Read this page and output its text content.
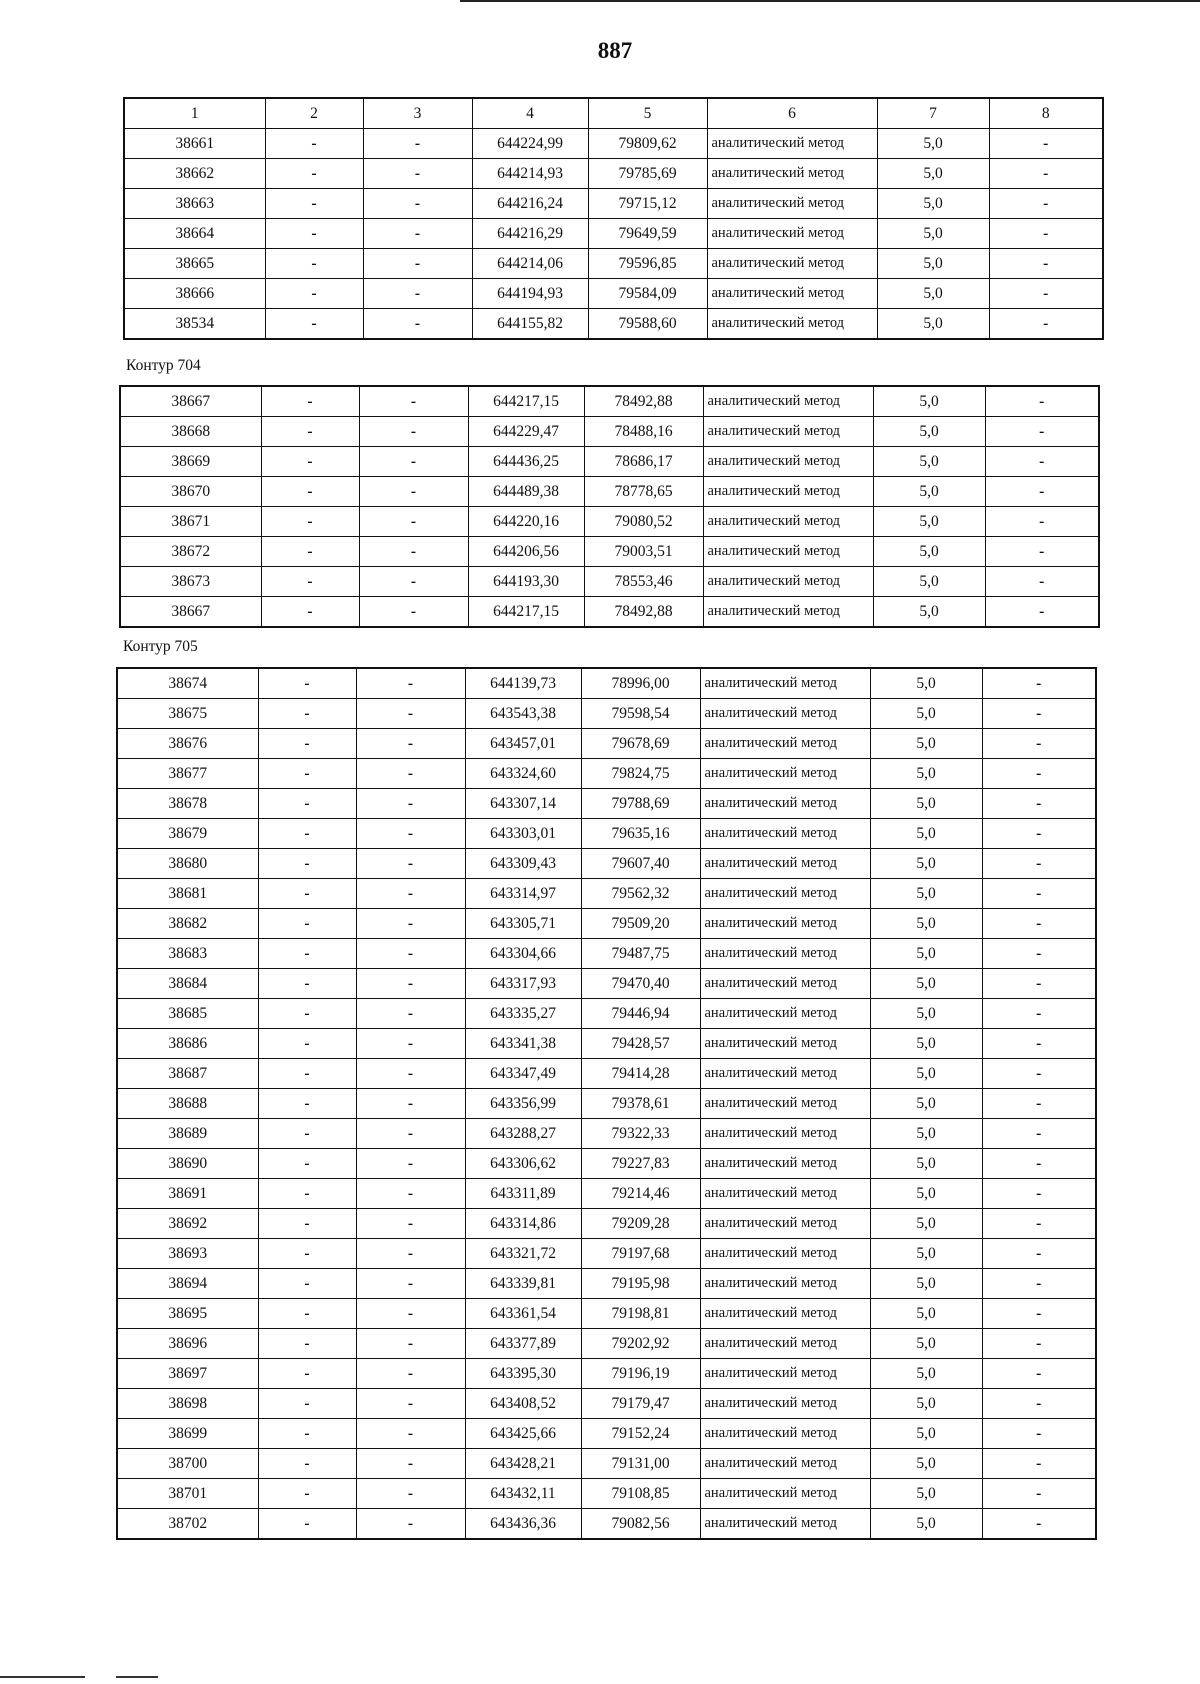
887
1	2	3	4	5	6	7	8
38661	-	-	644224,99	79809,62	аналитический метод	5,0	-
38662	-	-	644214,93	79785,69	аналитический метод	5,0	-
38663	-	-	644216,24	79715,12	аналитический метод	5,0	-
38664	-	-	644216,29	79649,59	аналитический метод	5,0	-
38665	-	-	644214,06	79596,85	аналитический метод	5,0	-
38666	-	-	644194,93	79584,09	аналитический метод	5,0	-
38534	-	-	644155,82	79588,60	аналитический метод	5,0	-
Контур 704
38667	-	-	644217,15	78492,88	аналитический метод	5,0	-
38668	-	-	644229,47	78488,16	аналитический метод	5,0	-
38669	-	-	644436,25	78686,17	аналитический метод	5,0	-
38670	-	-	644489,38	78778,65	аналитический метод	5,0	-
38671	-	-	644220,16	79080,52	аналитический метод	5,0	-
38672	-	-	644206,56	79003,51	аналитический метод	5,0	-
38673	-	-	644193,30	78553,46	аналитический метод	5,0	-
38667	-	-	644217,15	78492,88	аналитический метод	5,0	-
Контур 705
38674	-	-	644139,73	78996,00	аналитический метод	5,0	-
38675	-	-	643543,38	79598,54	аналитический метод	5,0	-
38676	-	-	643457,01	79678,69	аналитический метод	5,0	-
38677	-	-	643324,60	79824,75	аналитический метод	5,0	-
38678	-	-	643307,14	79788,69	аналитический метод	5,0	-
38679	-	-	643303,01	79635,16	аналитический метод	5,0	-
38680	-	-	643309,43	79607,40	аналитический метод	5,0	-
38681	-	-	643314,97	79562,32	аналитический метод	5,0	-
38682	-	-	643305,71	79509,20	аналитический метод	5,0	-
38683	-	-	643304,66	79487,75	аналитический метод	5,0	-
38684	-	-	643317,93	79470,40	аналитический метод	5,0	-
38685	-	-	643335,27	79446,94	аналитический метод	5,0	-
38686	-	-	643341,38	79428,57	аналитический метод	5,0	-
38687	-	-	643347,49	79414,28	аналитический метод	5,0	-
38688	-	-	643356,99	79378,61	аналитический метод	5,0	-
38689	-	-	643288,27	79322,33	аналитический метод	5,0	-
38690	-	-	643306,62	79227,83	аналитический метод	5,0	-
38691	-	-	643311,89	79214,46	аналитический метод	5,0	-
38692	-	-	643314,86	79209,28	аналитический метод	5,0	-
38693	-	-	643321,72	79197,68	аналитический метод	5,0	-
38694	-	-	643339,81	79195,98	аналитический метод	5,0	-
38695	-	-	643361,54	79198,81	аналитический метод	5,0	-
38696	-	-	643377,89	79202,92	аналитический метод	5,0	-
38697	-	-	643395,30	79196,19	аналитический метод	5,0	-
38698	-	-	643408,52	79179,47	аналитический метод	5,0	-
38699	-	-	643425,66	79152,24	аналитический метод	5,0	-
38700	-	-	643428,21	79131,00	аналитический метод	5,0	-
38701	-	-	643432,11	79108,85	аналитический метод	5,0	-
38702	-	-	643436,36	79082,56	аналитический метод	5,0	-
